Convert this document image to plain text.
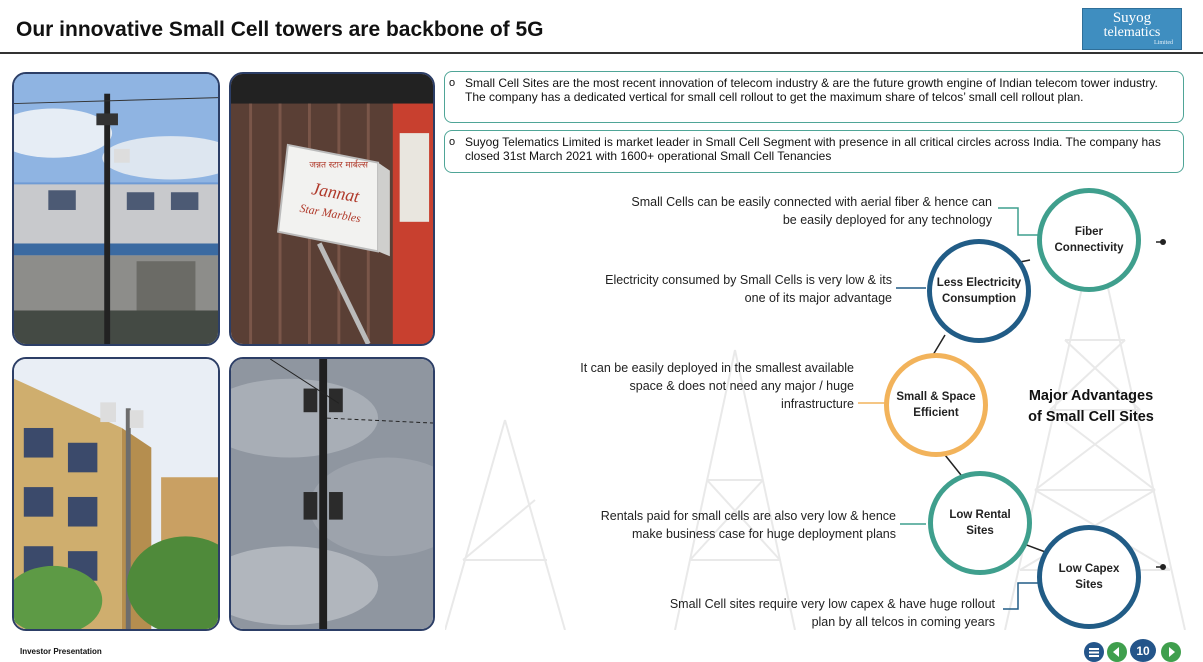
Our innovative Small Cell towers are backbone of 5G	Suyog
telematics
Limited
जन्नत स्टार मार्बल्स
Jannat
Star Marbles
o Small Cell Sites are the most recent innovation of telecom industry & are the future growth engine of Indian telecom tower industry. The company has a dedicated vertical for small cell rollout to get the maximum share of telcos’ small cell rollout plan.
o Suyog Telematics Limited is market leader in Small Cell Segment with presence in all critical circles across India. The company has closed 31st March 2021 with 1600+ operational Small Cell Tenancies
Small Cells can be easily connected with aerial fiber & hence can
be easily deployed for any technology
Electricity consumed by Small Cells is very low & its
one of its major advantage
It can be easily deployed in the smallest available
space & does not need any major / huge
infrastructure
Rentals paid for small cells are also very low & hence
make business case for huge deployment plans
Small Cell sites require very low capex & have huge rollout
plan by all telcos in coming years
Fiber
Connectivity
Less Electricity
Consumption
Small & Space
Efficient
Low Rental
Sites
Low Capex
Sites
Major Advantages
of Small Cell Sites
Investor Presentation	10
